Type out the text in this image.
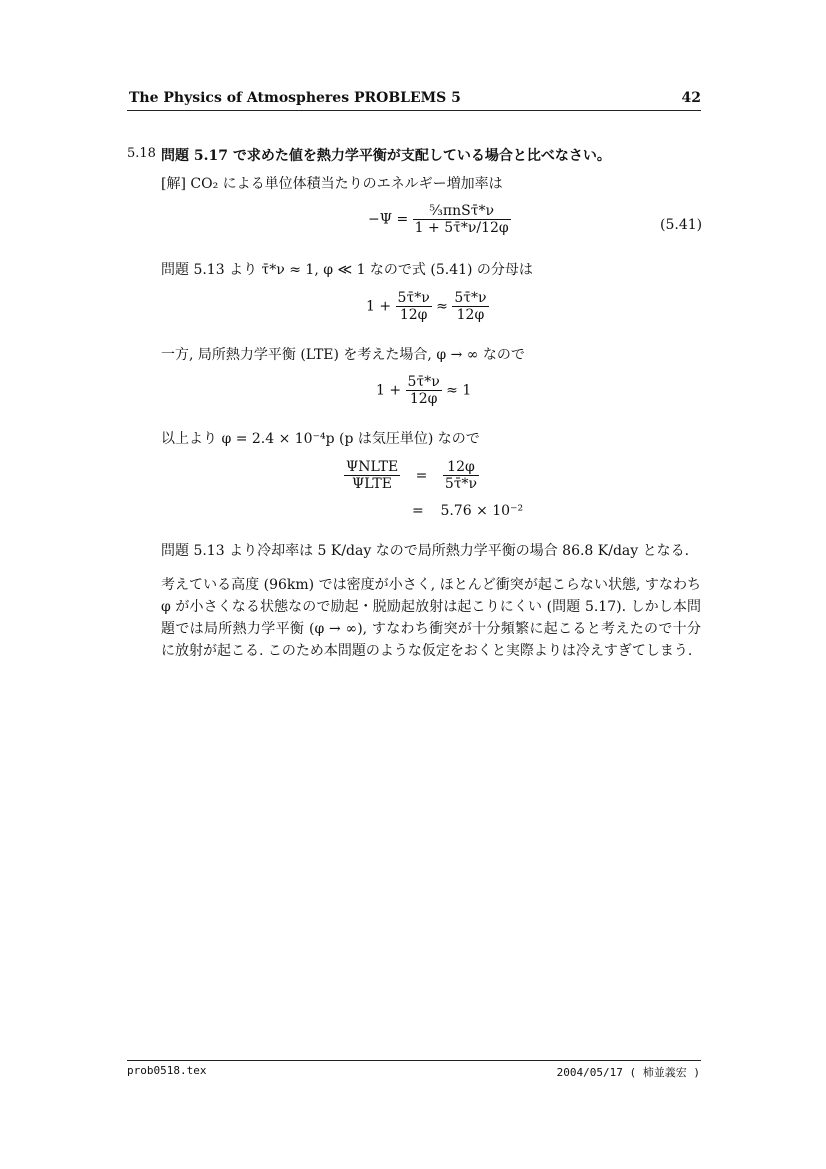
The Physics of Atmospheres PROBLEMS 5	42
5.18 問題 5.17 で求めた値を熱力学平衡が支配している場合と比べなさい。
[解] CO₂ による単位体積当たりのエネルギー増加率は
$-\Psi = \frac{\text{⁵⁄₃πnSτ̄*ν}}{1 + 5\taū*\nu/12\varphi}$	(5.41)
問題 5.13 より τ̄*ν ≈ 1, φ ≪ 1 なので式 (5.41) の分母は
$1 + \frac{5\taū*\nu}{12\varphi} \approx \frac{5\taū*\nu}{12\varphi}$
一方, 局所熱力学平衡 (LTE) を考えた場合, φ → ∞ なので
$1 + \frac{5\taū*\nu}{12\varphi} \approx 1$
以上より φ = 2.4 × 10⁻⁴p (p は気圧単位) なので
$\frac{\text{ΨNLTE}}{\text{ΨLTE}} = \frac{12\varphi}{5\taū*\nu}$
= 5.76 × 10⁻²
問題 5.13 より冷却率は 5 K/day なので局所熱力学平衡の場合 86.8 K/day となる.
考えている高度 (96km) では密度が小さく, ほとんど衝突が起こらない状態, すなわち φ が小さくなる状態なので励起・脱励起放射は起こりにくい (問題 5.17). しかし本問題では局所熱力学平衡 (φ → ∞), すなわち衝突が十分頻繁に起こると考えたので十分に放射が起こる. このため本問題のような仮定をおくと実際よりは冷えすぎてしまう.
prob0518.tex	2004/05/17 ( 柿並義宏 )
